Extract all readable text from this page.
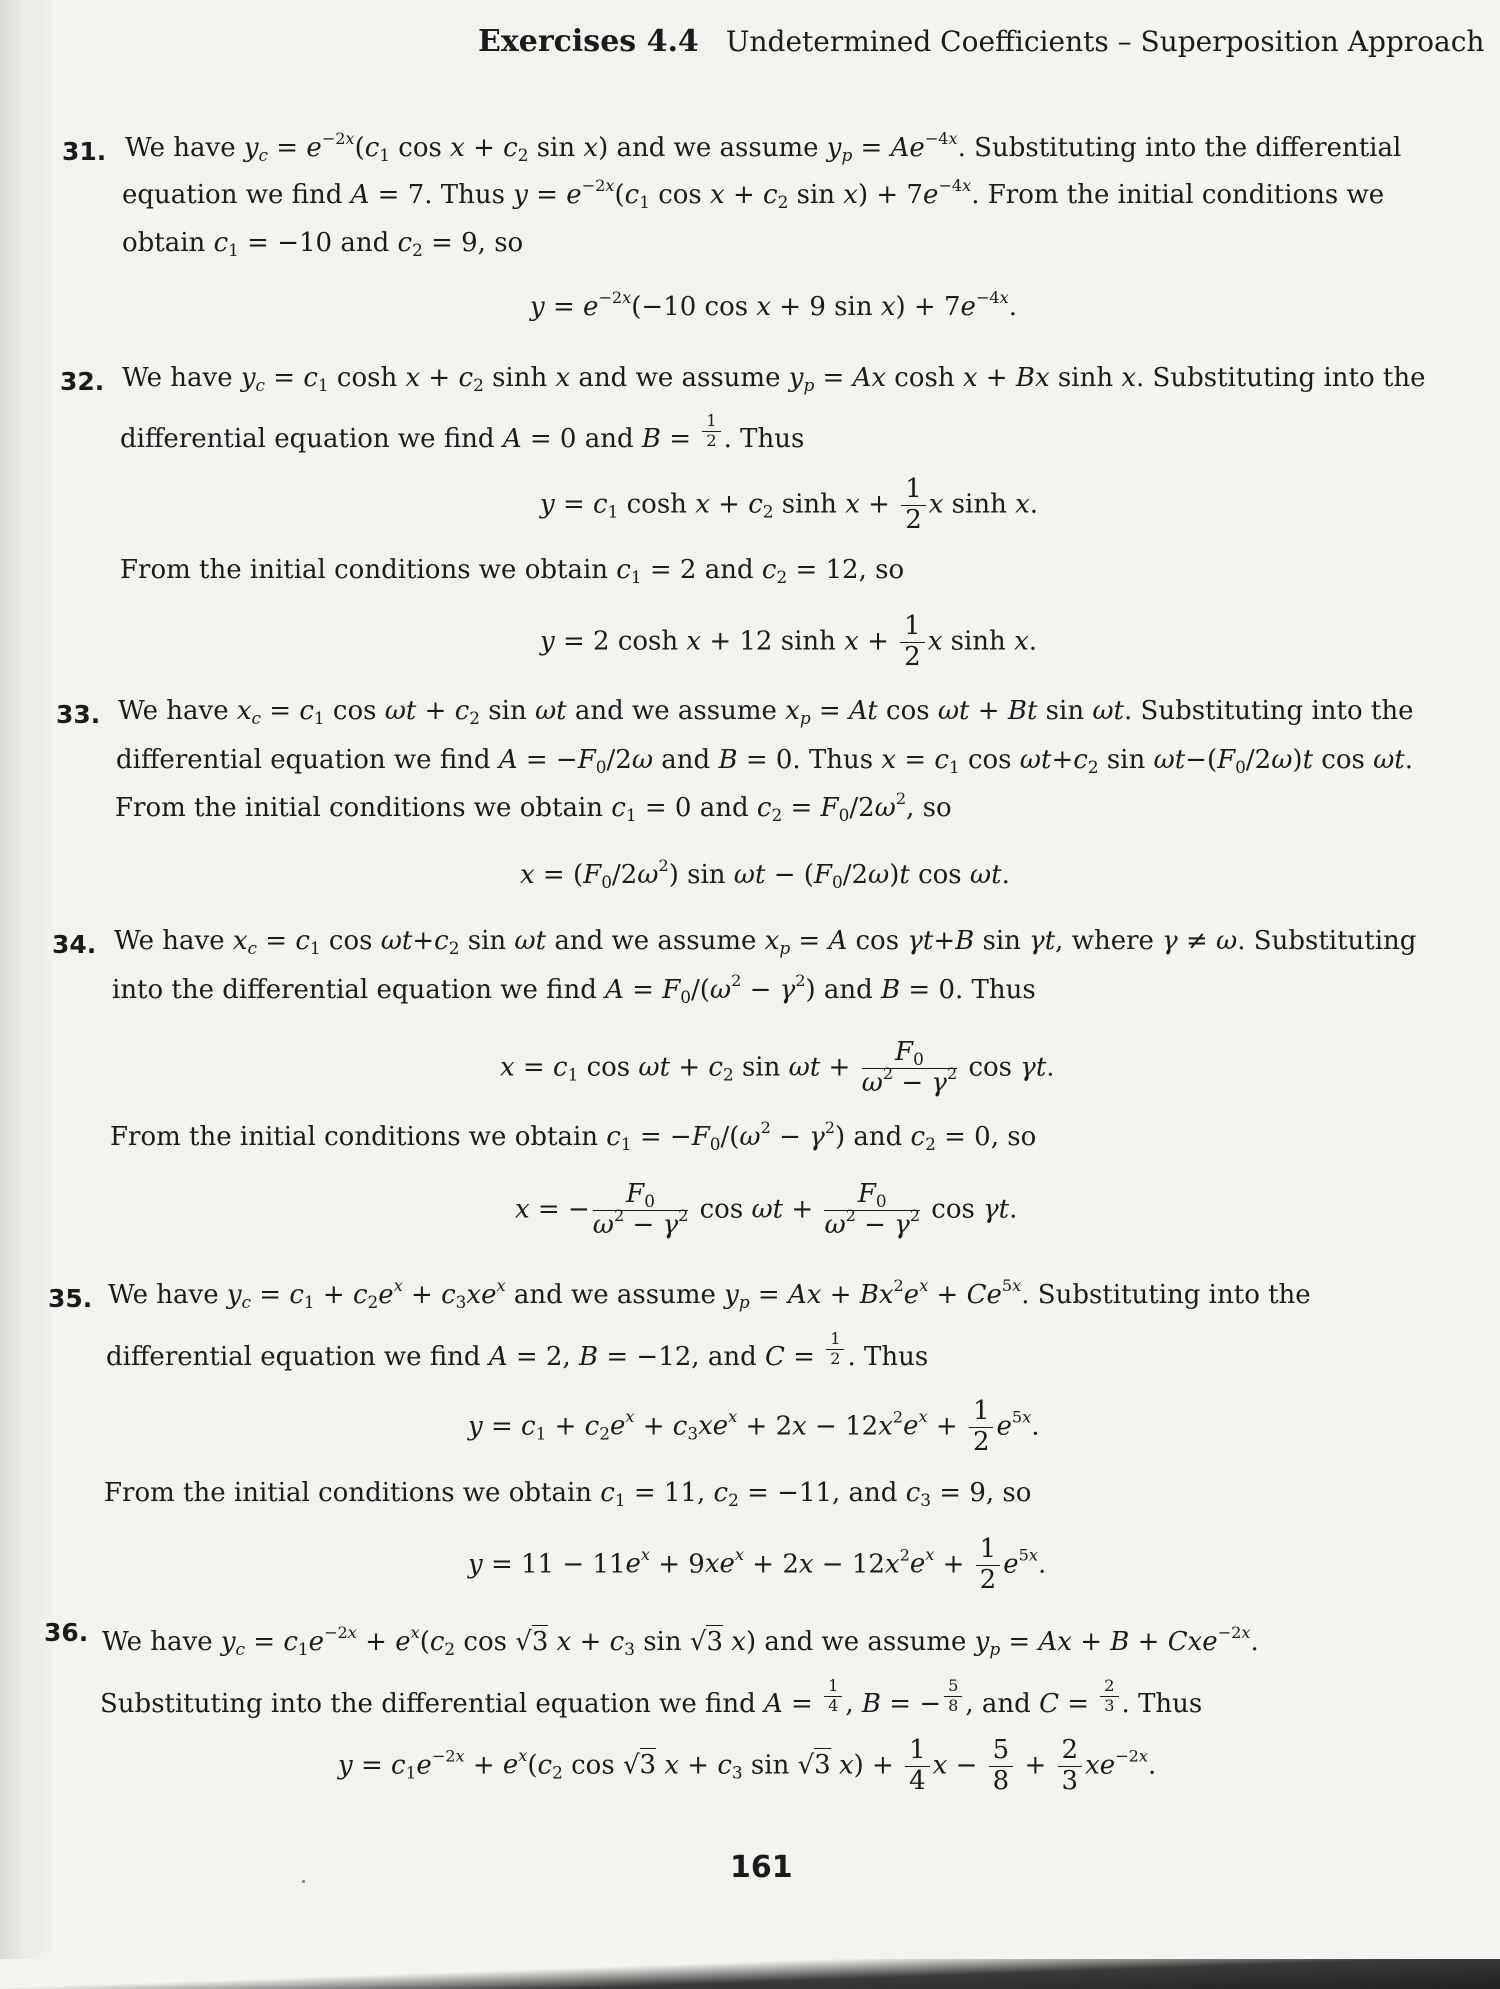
Exercises 4.4 Undetermined Coefficients – Superposition Approach
31. We have $y_c = e^{-2x}(c_1$ $\cos x + c_2$ sin x) and we assume $y_p = Ae^{-4x}$. Substituting into the differential
equation we find A = 7. Thus $y = e^{-2x}(c_1$ $\cos x + c_2$ $\sin x) + 7e^{-4x}$. From the initial conditions we
obtain $c_1 = -10$ and $c_2 = 9$, so
$y = e^{-2x}(-10$ cos x + 9 $\sin x) + 7e^{-4x}$.
32. We have $y_c = c_1$ $\cosh x + c_2$ sinh x and we assume $y_p = Ax$ cosh x + Bx sinh x. Substituting into the
differential equation we find A = 0 and $B = \frac{1}{2}$ . Thus
$y = c_1$ $\cosh x + c_2$ $\sinh x + \frac{1}{2}$ x sinh x.
From the initial conditions we obtain $c_1 = 2$ and $c_2 = 12$, so
y = 2 cosh x + 12 $\sinh x + \frac{1}{2}$ x sinh x.
33. We have $x_c = c_1$ $\cos \omega t + c_2$ sin ωt and we assume $x_p = At$ cos ωt + Bt sin ωt. Substituting into the
differential equation we find $A = -F_0/2\omega$ and B = 0. Thus $x = c_1$ $\cos \omega t+c_2$ $\sin \omega t-(F_0/2\omega)t$ cos ωt.
From the initial conditions we obtain $c_1 = 0$ and $c_2 = F_0/2\omega^2$, so
$x = (F_0/2\omega^2)$ $\sin \omega t - (F_0/2\omega)t$ cos ωt.
34. We have $x_c = c_1$ $\cos \omega t+c_2$ sin ωt and we assume $x_p = A$ cos γt+B sin γt, where γ ≠ ω. Substituting
into the differential equation we find $A = F_0/(\omega^2 - \gamma^2)$ and B = 0. Thus
$x = c_1$ $\cos \omega t + c_2$ $\sin \omega t + \frac{F_0}{\omega^2 - \gamma^2}$ cos γt.
From the initial conditions we obtain $c_1 = -F_0/(\omega^2 - \gamma^2)$ and $c_2 = 0$, so
x = − $\frac{F_0}{\omega^2 - \gamma^2}$ $\cos \omega t + \frac{F_0}{\omega^2 - \gamma^2}$ cos γt.
35. We have $y_c = c_1 + c_2e^x + c_3xe^x$ and we assume $y_p = Ax + Bx^2e^x + Ce^{5x}$. Substituting into the
differential equation we find A = 2, B = −12, and $C = \frac{1}{2}$ . Thus
$y = c_1 + c_2e^x + c_3xe^x + 2x - 12x^2e^x + \frac{1}{2} e^{5x}$.
From the initial conditions we obtain $c_1 = 11$, $c_2 = -11$, and $c_3 = 9$, so
$y = 11 - 11e^x + 9xe^x + 2x - 12x^2e^x + \frac{1}{2} e^{5x}$.
36. We have $y_c = c_1e^{-2x} + e^x(c_2$ cos √3 $x + c_3$ sin √3 x) and we assume $y_p = Ax + B + Cxe^{-2x}$.
Substituting into the differential equation we find $A = \frac{1}{4}$ , B = − $\frac{5}{8}$ , and $C = \frac{2}{3}$ . Thus
$y = c_1e^{-2x} + e^x(c_2$ cos √3 $x + c_3$ sin √3 $x) + \frac{1}{4}$ $x - \frac{5}{8} + \frac{2}{3} xe^{-2x}$.
161
